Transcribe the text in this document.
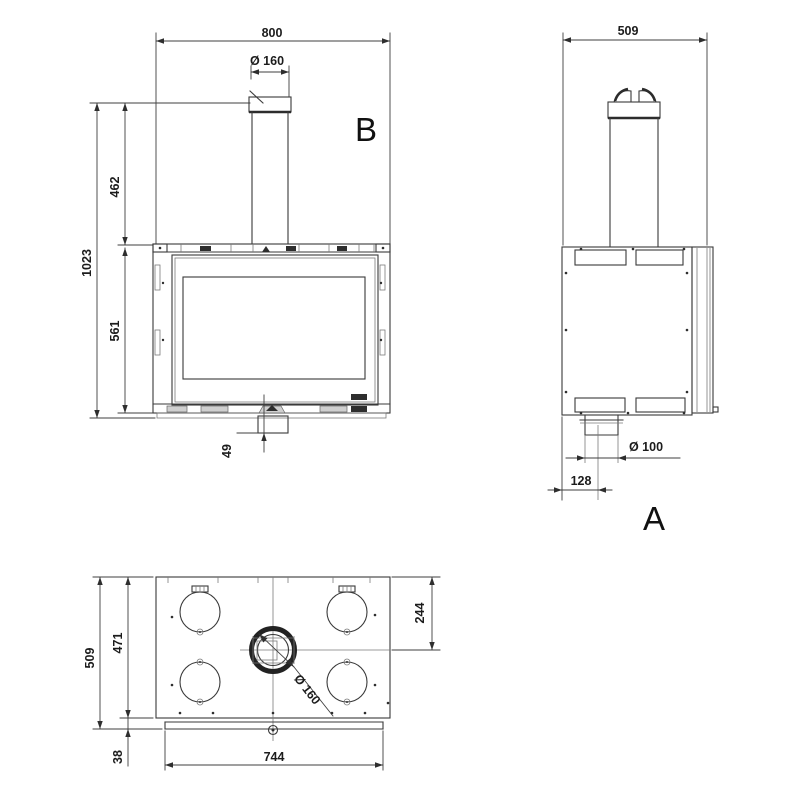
800
Ø 160
1023
462
561
49
B
509
Ø 100
128
A
Ø 160
509
471
38
244
744
